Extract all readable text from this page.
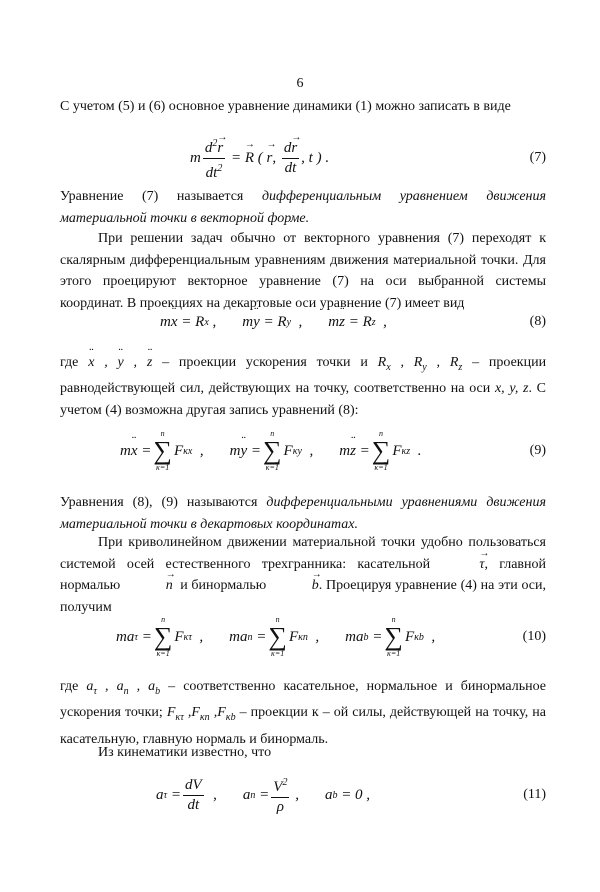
6
С учетом (5) и (6) основное уравнение динамики (1) можно записать в виде
m $\frac{d^2\to r}{dt^2}$ = → R ( → r , $\frac{d\to r}{dt}$ , t ) .	(7)
Уравнение (7) называется дифференциальным уравнением движения материальной точки в векторной форме.
При решении задач обычно от векторного уравнения (7) переходят к скалярным дифференциальным уравнениям движения материальной точки. Для этого проецируют векторное уравнение (7) на оси выбранной системы координат. В проекциях на декартовые оси уравнение (7) имеет вид
m ¨ x = R x , m ¨ y = R y , m ¨ z = R z ,	(8)
где ¨ x , ¨ y , ¨ z – проекции ускорения точки и $R_x$ , $R_y$ , $R_z$ – проекции равнодействующей сил, действующих на точку, соответственно на оси x, y, z. С учетом (4) возможна другая запись уравнений (8):
m ¨ x =
n
∑
κ=1
F κx , m ¨ y =
n
∑
κ=1
F κy , m ¨ z =
n
∑
κ=1
F κz .	(9)
Уравнения (8), (9) называются дифференциальными уравнениями движения материальной точки в декартовых координатах.
При криволинейном движении материальной точки удобно пользоваться системой осей естественного трехгранника: касательной	→ τ, главной нормалью	→ n и бинормалью	→ b. Проецируя уравнение (4) на эти оси, получим
ma τ =
n
∑
κ=1
F κτ , ma n =
n
∑
κ=1
F κn , ma b =
n
∑
κ=1
F κb ,	(10)
где $a_\tau$ , $a_n$ , $a_b$ – соответственно касательное, нормальное и бинормальное ускорения точки; $F_{\kappa\tau}$ $,F_{\kappa n}$ $,F_{\kappa b}$ – проекции к – ой силы, действующей на точку, на касательную, главную нормаль и бинормаль.
Из кинематики известно, что
a $\tau = \frac{dV}{dt}$ , a $n = \frac{V^2}{\rho}$ , a b = 0 ,	(11)
